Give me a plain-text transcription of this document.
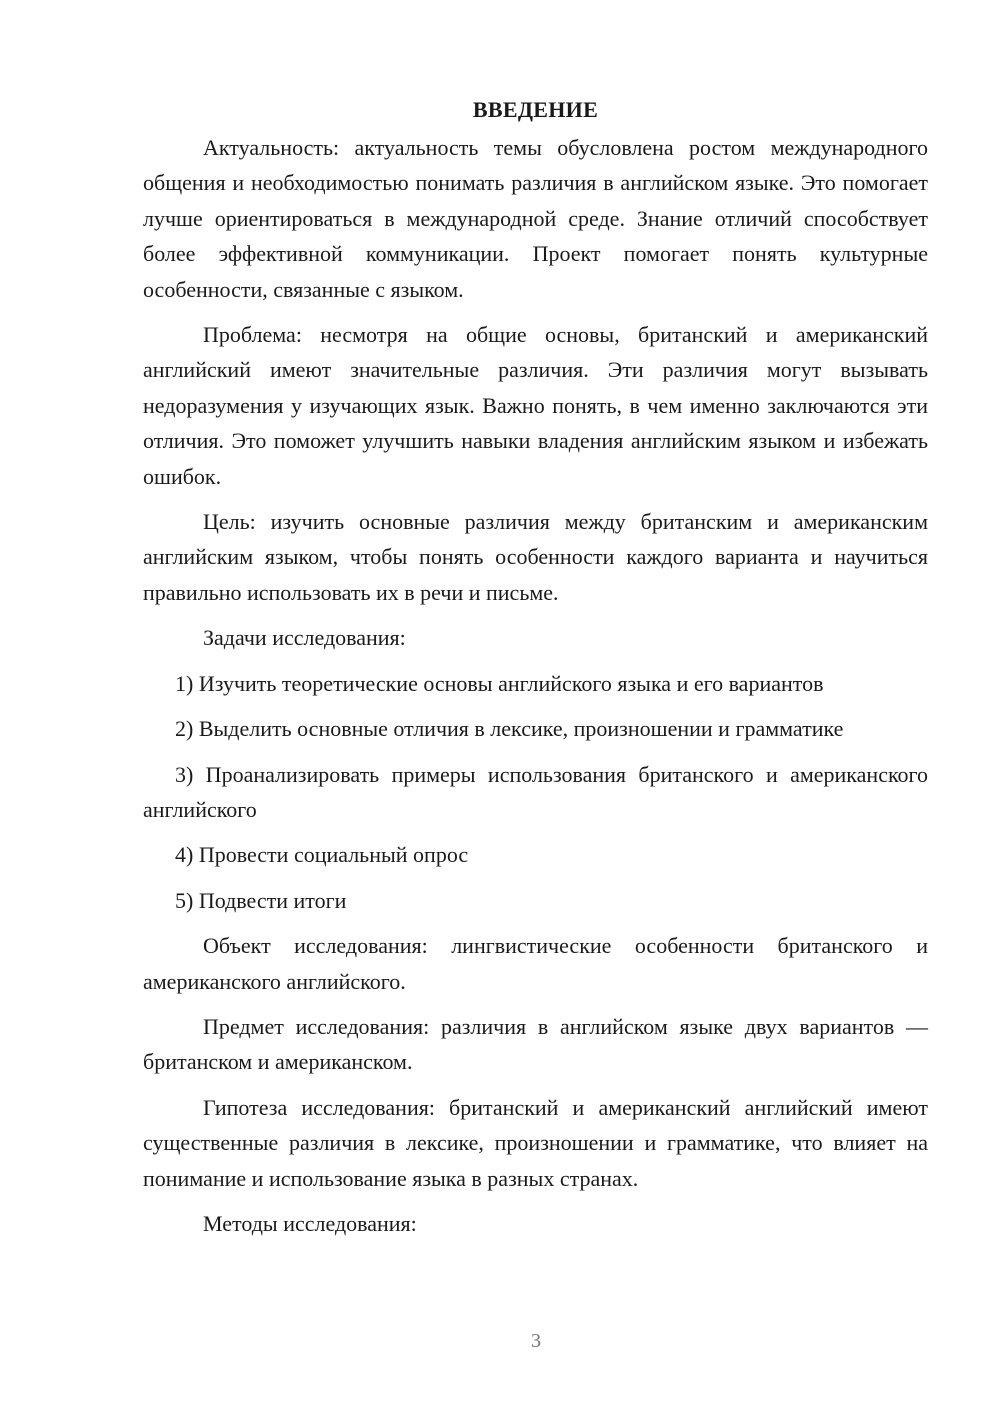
ВВЕДЕНИЕ

Актуальность: актуальность темы обусловлена ростом международного общения и необходимостью понимать различия в английском языке. Это помогает лучше ориентироваться в международной среде. Знание отличий способствует более эффективной коммуникации. Проект помогает понять культурные особенности, связанные с языком.

Проблема: несмотря на общие основы, британский и американский английский имеют значительные различия. Эти различия могут вызывать недоразумения у изучающих язык. Важно понять, в чем именно заключаются эти отличия. Это поможет улучшить навыки владения английским языком и избежать ошибок.

Цель: изучить основные различия между британским и американским английским языком, чтобы понять особенности каждого варианта и научиться правильно использовать их в речи и письме.

Задачи исследования:

1) Изучить теоретические основы английского языка и его вариантов

2) Выделить основные отличия в лексике, произношении и грамматике

3) Проанализировать примеры использования британского и американского английского

4) Провести социальный опрос

5) Подвести итоги

Объект исследования: лингвистические особенности британского и американского английского.

Предмет исследования: различия в английском языке двух вариантов — британском и американском.

Гипотеза исследования: британский и американский английский имеют существенные различия в лексике, произношении и грамматике, что влияет на понимание и использование языка в разных странах.

Методы исследования:

3
